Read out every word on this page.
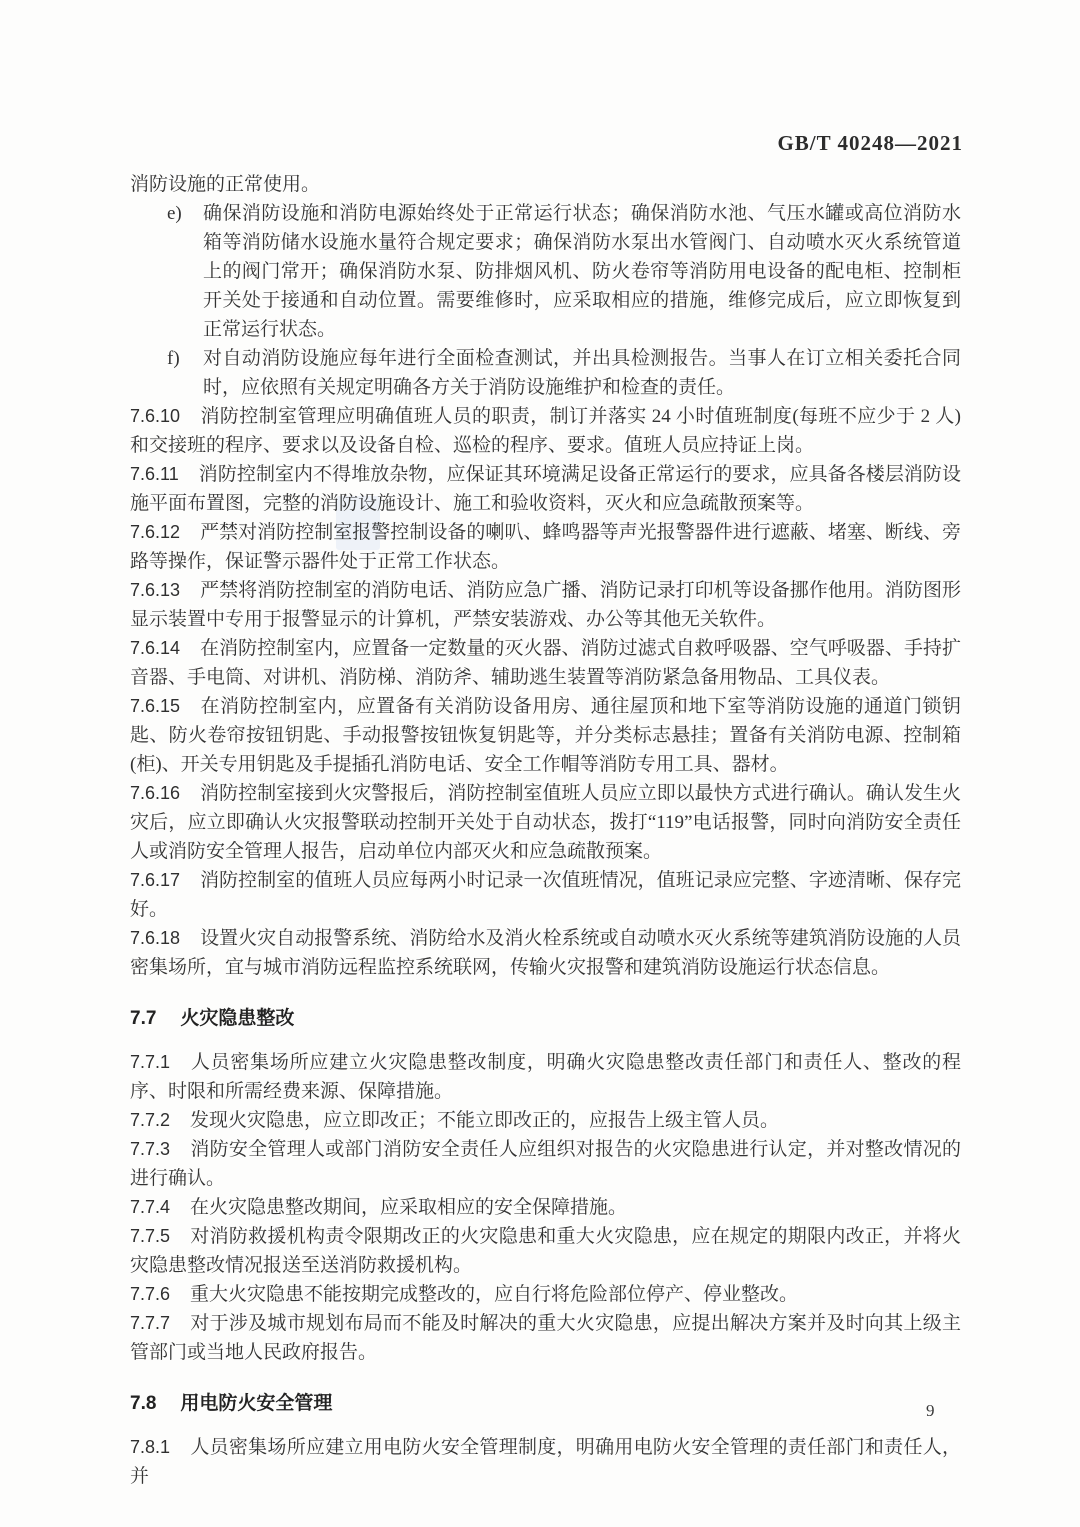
GB/T 40248—2021

消防设施的正常使用。

e)	确保消防设施和消防电源始终处于正常运行状态；确保消防水池、气压水罐或高位消防水箱等消防储水设施水量符合规定要求；确保消防水泵出水管阀门、自动喷水灭火系统管道上的阀门常开；确保消防水泵、防排烟风机、防火卷帘等消防用电设备的配电柜、控制柜开关处于接通和自动位置。需要维修时，应采取相应的措施，维修完成后，应立即恢复到正常运行状态。
f)	对自动消防设施应每年进行全面检查测试，并出具检测报告。当事人在订立相关委托合同时，应依照有关规定明确各方关于消防设施维护和检查的责任。

7.6.10 消防控制室管理应明确值班人员的职责，制订并落实 24 小时值班制度(每班不应少于 2 人)和交接班的程序、要求以及设备自检、巡检的程序、要求。值班人员应持证上岗。

7.6.11 消防控制室内不得堆放杂物，应保证其环境满足设备正常运行的要求，应具备各楼层消防设施平面布置图，完整的消防设施设计、施工和验收资料，灭火和应急疏散预案等。

7.6.12 严禁对消防控制室报警控制设备的喇叭、蜂鸣器等声光报警器件进行遮蔽、堵塞、断线、旁路等操作，保证警示器件处于正常工作状态。

7.6.13 严禁将消防控制室的消防电话、消防应急广播、消防记录打印机等设备挪作他用。消防图形显示装置中专用于报警显示的计算机，严禁安装游戏、办公等其他无关软件。

7.6.14 在消防控制室内，应置备一定数量的灭火器、消防过滤式自救呼吸器、空气呼吸器、手持扩音器、手电筒、对讲机、消防梯、消防斧、辅助逃生装置等消防紧急备用物品、工具仪表。

7.6.15 在消防控制室内，应置备有关消防设备用房、通往屋顶和地下室等消防设施的通道门锁钥匙、防火卷帘按钮钥匙、手动报警按钮恢复钥匙等，并分类标志悬挂；置备有关消防电源、控制箱(柜)、开关专用钥匙及手提插孔消防电话、安全工作帽等消防专用工具、器材。

7.6.16 消防控制室接到火灾警报后，消防控制室值班人员应立即以最快方式进行确认。确认发生火灾后，应立即确认火灾报警联动控制开关处于自动状态，拨打“119”电话报警，同时向消防安全责任人或消防安全管理人报告，启动单位内部灭火和应急疏散预案。

7.6.17 消防控制室的值班人员应每两小时记录一次值班情况，值班记录应完整、字迹清晰、保存完好。

7.6.18 设置火灾自动报警系统、消防给水及消火栓系统或自动喷水灭火系统等建筑消防设施的人员密集场所，宜与城市消防远程监控系统联网，传输火灾报警和建筑消防设施运行状态信息。

7.7 火灾隐患整改

7.7.1 人员密集场所应建立火灾隐患整改制度，明确火灾隐患整改责任部门和责任人、整改的程序、时限和所需经费来源、保障措施。

7.7.2 发现火灾隐患，应立即改正；不能立即改正的，应报告上级主管人员。

7.7.3 消防安全管理人或部门消防安全责任人应组织对报告的火灾隐患进行认定，并对整改情况的进行确认。

7.7.4 在火灾隐患整改期间，应采取相应的安全保障措施。

7.7.5 对消防救援机构责令限期改正的火灾隐患和重大火灾隐患，应在规定的期限内改正，并将火灾隐患整改情况报送至送消防救援机构。

7.7.6 重大火灾隐患不能按期完成整改的，应自行将危险部位停产、停业整改。

7.7.7 对于涉及城市规划布局而不能及时解决的重大火灾隐患，应提出解决方案并及时向其上级主管部门或当地人民政府报告。

7.8 用电防火安全管理

7.8.1 人员密集场所应建立用电防火安全管理制度，明确用电防火安全管理的责任部门和责任人，并

9
